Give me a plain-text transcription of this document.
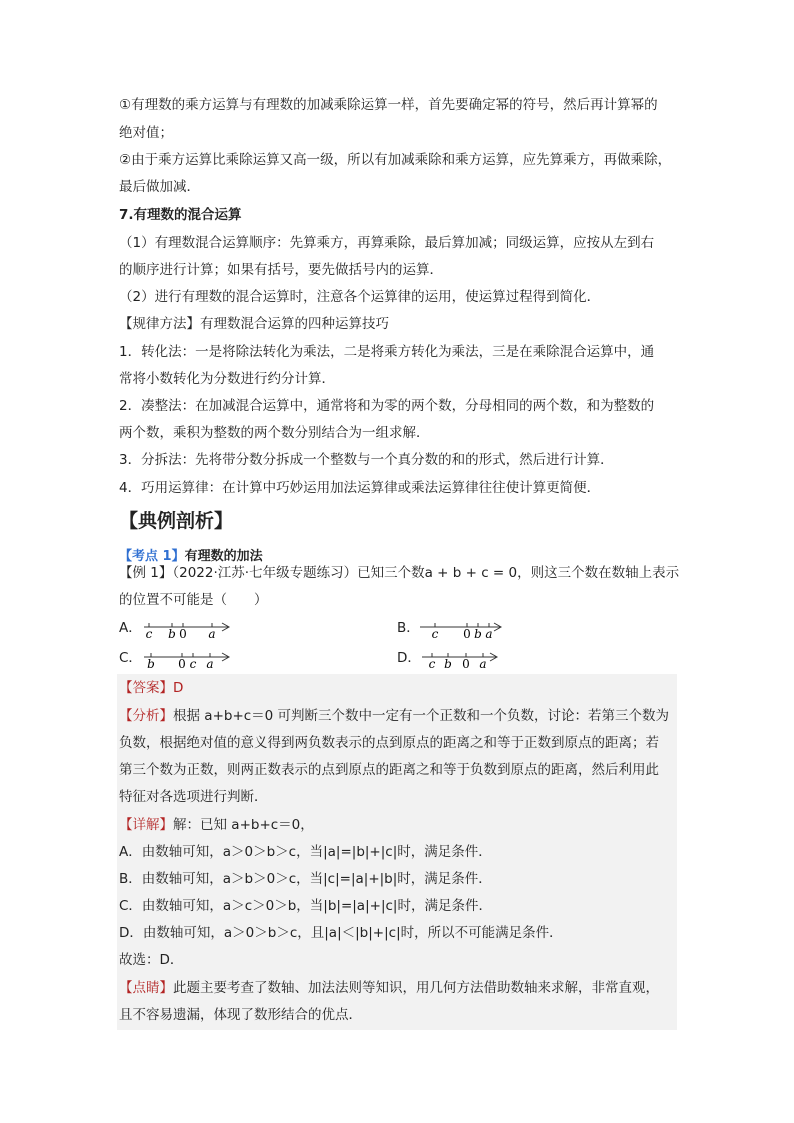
①有理数的乘方运算与有理数的加减乘除运算一样，首先要确定幂的符号，然后再计算幂的
绝对值；
②由于乘方运算比乘除运算又高一级，所以有加减乘除和乘方运算，应先算乘方，再做乘除，
最后做加减．
7.有理数的混合运算
（1）有理数混合运算顺序：先算乘方，再算乘除，最后算加减；同级运算，应按从左到右
的顺序进行计算；如果有括号，要先做括号内的运算．
（2）进行有理数的混合运算时，注意各个运算律的运用，使运算过程得到简化．
【规律方法】有理数混合运算的四种运算技巧
1．转化法：一是将除法转化为乘法，二是将乘方转化为乘法，三是在乘除混合运算中，通
常将小数转化为分数进行约分计算．
2．凑整法：在加减混合运算中，通常将和为零的两个数，分母相同的两个数，和为整数的
两个数，乘积为整数的两个数分别结合为一组求解．
3．分拆法：先将带分数分拆成一个整数与一个真分数的和的形式，然后进行计算．
4．巧用运算律：在计算中巧妙运用加法运算律或乘法运算律往往使计算更简便．
【典例剖析】
【考点 1】有理数的加法
【例 1】（2022·江苏·七年级专题练习）已知三个数a + b + c = 0，则这三个数在数轴上表示
的位置不可能是（　　）
A． c b 0 a	B． c 0 b a
C． b 0 c a	D． c b 0 a
【答案】D
【分析】根据 a+b+c＝0 可判断三个数中一定有一个正数和一个负数，讨论：若第三个数为
负数，根据绝对值的意义得到两负数表示的点到原点的距离之和等于正数到原点的距离；若
第三个数为正数，则两正数表示的点到原点的距离之和等于负数到原点的距离，然后利用此
特征对各选项进行判断．
【详解】解：已知 a+b+c＝0，
A．由数轴可知，a＞0＞b＞c，当|a|=|b|+|c|时，满足条件．
B．由数轴可知，a＞b＞0＞c，当|c|=|a|+|b|时，满足条件．
C．由数轴可知，a＞c＞0＞b，当|b|=|a|+|c|时，满足条件．
D．由数轴可知，a＞0＞b＞c，且|a|＜|b|+|c|时，所以不可能满足条件．
故选：D．
【点睛】此题主要考查了数轴、加法法则等知识，用几何方法借助数轴来求解，非常直观，
且不容易遗漏，体现了数形结合的优点．
